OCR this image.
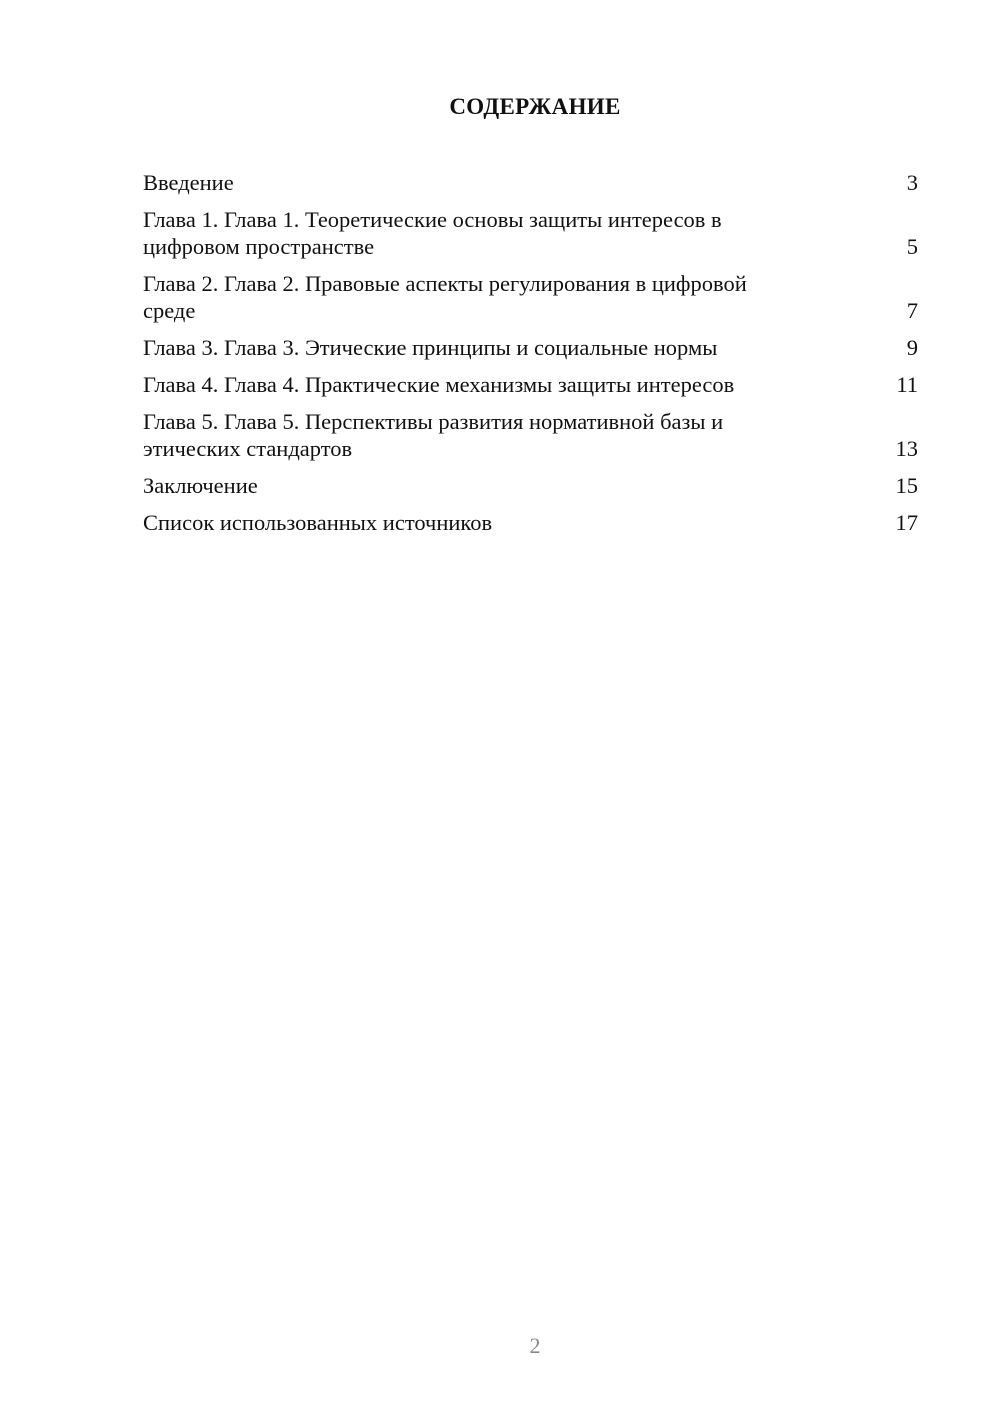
СОДЕРЖАНИЕ
Введение	3
Глава 1. Глава 1. Теоретические основы защиты интересов в
цифровом пространстве	5
Глава 2. Глава 2. Правовые аспекты регулирования в цифровой
среде	7
Глава 3. Глава 3. Этические принципы и социальные нормы	9
Глава 4. Глава 4. Практические механизмы защиты интересов	11
Глава 5. Глава 5. Перспективы развития нормативной базы и
этических стандартов	13
Заключение	15
Список использованных источников	17
2
